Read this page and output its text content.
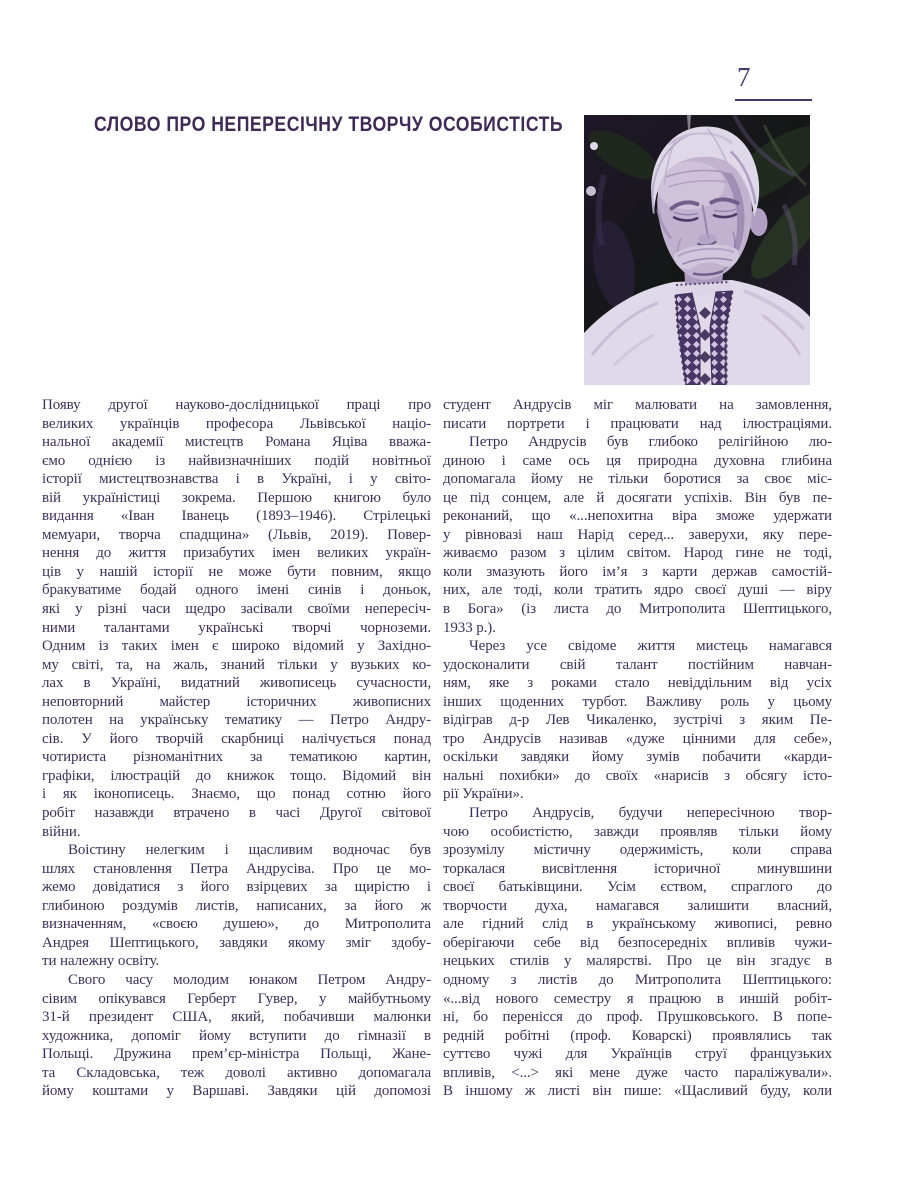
7
СЛОВО ПРО НЕПЕРЕСІЧНУ ТВОРЧУ ОСОБИСТІСТЬ
Появу другої науково-дослідницької праці про
великих українців професора Львівської націо-
нальної академії мистецтв Романа Яціва вважа-
ємо однією із найвизначніших подій новітньої
історії мистецтвознавства і в Україні, і у світо-
вій україністиці зокрема. Першою книгою було
видання «Іван Іванець (1893–1946). Стрілецькі
мемуари, творча спадщина» (Львів, 2019). Повер-
нення до життя призабутих імен великих україн-
ців у нашій історії не може бути повним, якщо
бракуватиме бодай одного імені синів і доньок,
які у різні часи щедро засівали своїми непересіч-
ними талантами українські творчі чорноземи.
Одним із таких імен є широко відомий у Західно-
му світі, та, на жаль, знаний тільки у вузьких ко-
лах в Україні, видатний живописець сучасности,
неповторний майстер історичних живописних
полотен на українську тематику — Петро Андру-
сів. У його творчій скарбниці налічується понад
чотириста різноманітних за тематикою картин,
графіки, ілюстрацій до книжок тощо. Відомий він
і як іконописець. Знаємо, що понад сотню його
робіт назавжди втрачено в часі Другої світової
війни.
Воістину нелегким і щасливим водночас був
шлях становлення Петра Андрусіва. Про це мо-
жемо довідатися з його взірцевих за щирістю і
глибиною роздумів листів, написаних, за його ж
визначенням, «своєю душею», до Митрополита
Андрея Шептицького, завдяки якому зміг здобу-
ти належну освіту.
Свого часу молодим юнаком Петром Андру-
сівим опікувався Герберт Гувер, у майбутньому
31-й президент США, який, побачивши малюнки
художника, допоміг йому вступити до гімназії в
Польщі. Дружина прем’єр-міністра Польщі, Жане-
та Складовська, теж доволі активно допомагала
йому коштами у Варшаві. Завдяки цій допомозі
студент Андрусів міг малювати на замовлення,
писати портрети і працювати над ілюстраціями.
Петро Андрусів був глибоко релігійною лю-
диною і саме ось ця природна духовна глибина
допомагала йому не тільки боротися за своє міс-
це під сонцем, але й досягати успіхів. Він був пе-
реконаний, що «...непохитна віра зможе удержати
у рівновазі наш Нарід серед... заверухи, яку пере-
живаємо разом з цілим світом. Народ гине не тоді,
коли змазують його ім’я з карти держав самостій-
них, але тоді, коли тратить ядро своєї душі — віру
в Бога» (із листа до Митрополита Шептицького,
1933 р.).
Через усе свідоме життя мистець намагався
удосконалити свій талант постійним навчан-
ням, яке з роками стало невіддільним від усіх
інших щоденних турбот. Важливу роль у цьому
відіграв д-р Лев Чикаленко, зустрічі з яким Пе-
тро Андрусів називав «дуже цінними для себе»,
оскільки завдяки йому зумів побачити «карди-
нальні похибки» до своїх «нарисів з обсягу істо-
рії України».
Петро Андрусів, будучи непересічною твор-
чою особистістю, завжди проявляв тільки йому
зрозумілу містичну одержимість, коли справа
торкалася висвітлення історичної минувшини
своєї батьківщини. Усім єством, спраглого до
творчости духа, намагався залишити власний,
але гідний слід в українському живописі, ревно
оберігаючи себе від безпосередніх впливів чужи-
нецьких стилів у малярстві. Про це він згадує в
одному з листів до Митрополита Шептицького:
«...від нового семестру я працюю в иншій робіт-
ні, бо перенісся до проф. Прушковського. В попе-
редній робітні (проф. Коварскі) проявлялись так
суттєво чужі для Українців струї французьких
впливів, <...> які мене дуже часто параліжували».
В іншому ж листі він пише: «Щасливий буду, коли
